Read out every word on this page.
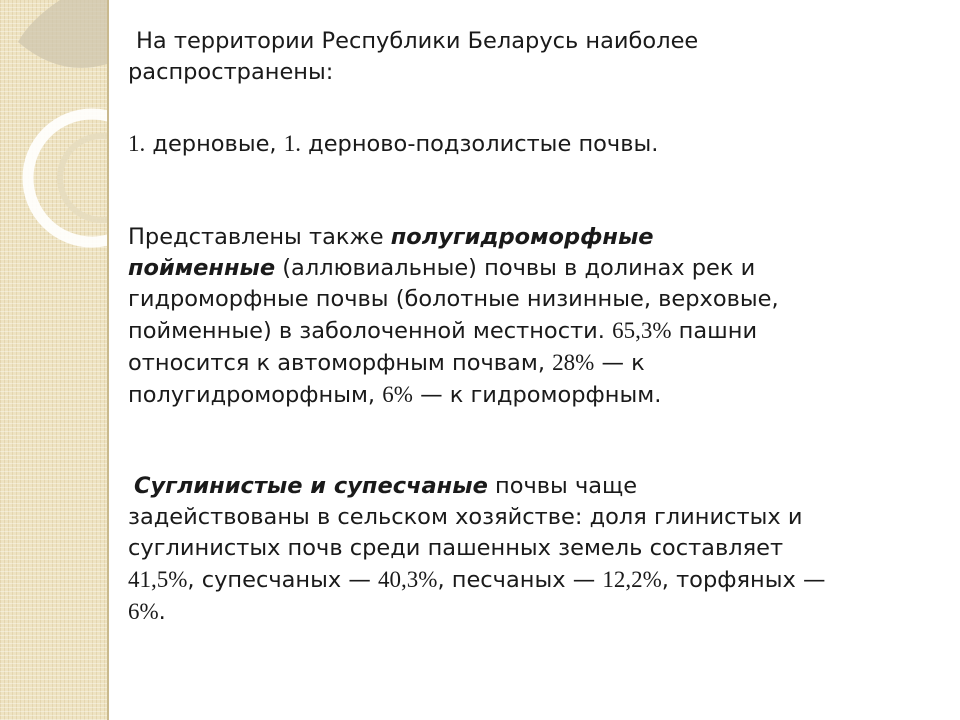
На территории Республики Беларусь наиболее

распространены:

1. дерновые, 1. дерново-подзолистые почвы.

Представлены также полугидроморфные
пойменные (аллювиальные) почвы в долинах рек и
гидроморфные почвы (болотные низинные, верховые,
пойменные) в заболоченной местности. 65,3% пашни
относится к автоморфным почвам, 28% — к
полугидроморфным, 6% — к гидроморфным.

Суглинистые и супесчаные почвы чаще
задействованы в сельском хозяйстве: доля глинистых и
суглинистых почв среди пашенных земель составляет
41,5%, супесчаных — 40,3%, песчаных — 12,2%, торфяных —
6%.
